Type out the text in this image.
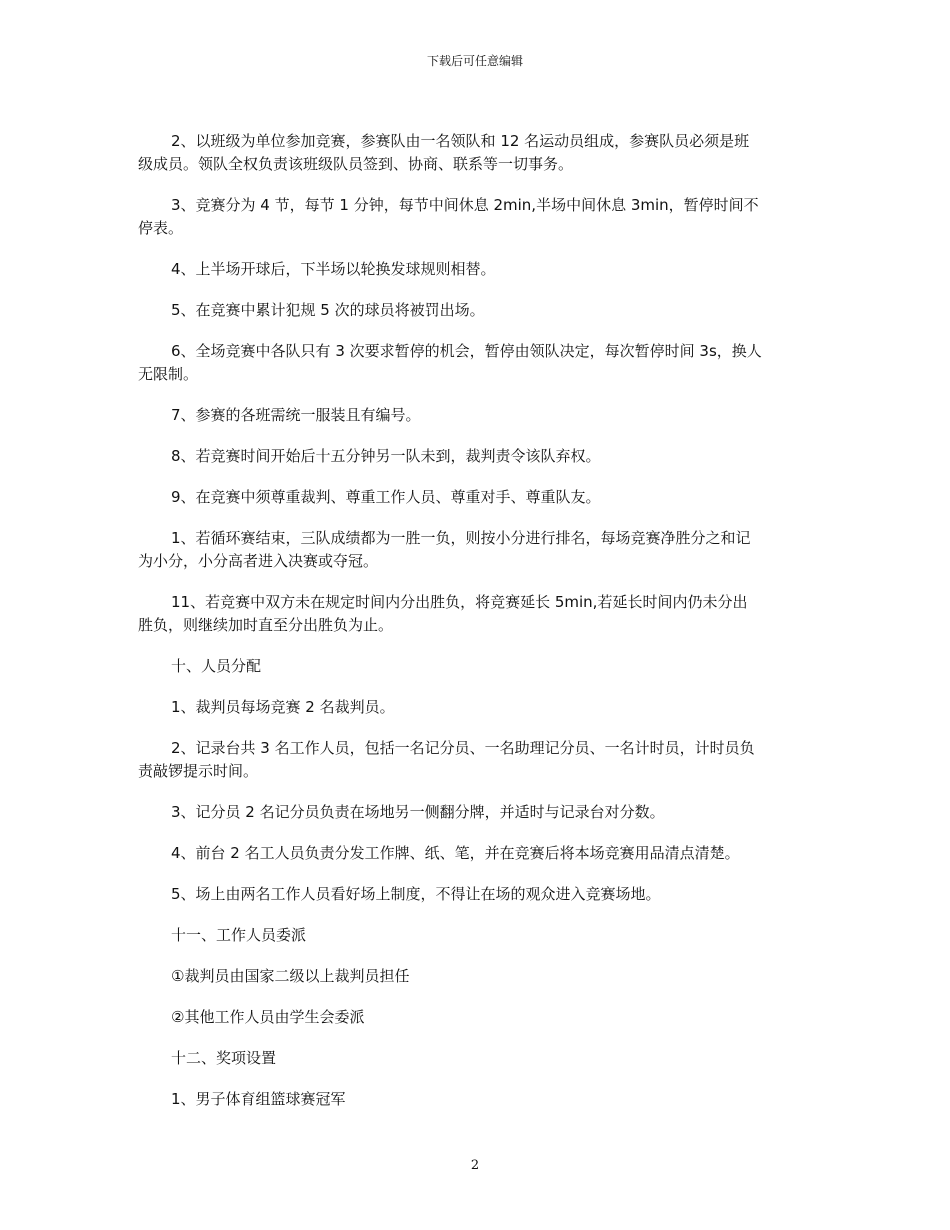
下载后可任意编辑
2、以班级为单位参加竞赛，参赛队由一名领队和 12 名运动员组成，参赛队员必须是班
级成员。领队全权负责该班级队员签到、协商、联系等一切事务。
3、竞赛分为 4 节，每节 1 分钟，每节中间休息 2min,半场中间休息 3min，暂停时间不
停表。
4、上半场开球后，下半场以轮换发球规则相替。
5、在竞赛中累计犯规 5 次的球员将被罚出场。
6、全场竞赛中各队只有 3 次要求暂停的机会，暂停由领队决定，每次暂停时间 3s，换人
无限制。
7、参赛的各班需统一服装且有编号。
8、若竞赛时间开始后十五分钟另一队未到，裁判责令该队弃权。
9、在竞赛中须尊重裁判、尊重工作人员、尊重对手、尊重队友。
1、若循环赛结束，三队成绩都为一胜一负，则按小分进行排名，每场竞赛净胜分之和记
为小分，小分高者进入决赛或夺冠。
11、若竞赛中双方未在规定时间内分出胜负，将竞赛延长 5min,若延长时间内仍未分出
胜负，则继续加时直至分出胜负为止。
十、人员分配
1、裁判员每场竞赛 2 名裁判员。
2、记录台共 3 名工作人员，包括一名记分员、一名助理记分员、一名计时员，计时员负
责敲锣提示时间。
3、记分员 2 名记分员负责在场地另一侧翻分牌，并适时与记录台对分数。
4、前台 2 名工人员负责分发工作牌、纸、笔，并在竞赛后将本场竞赛用品清点清楚。
5、场上由两名工作人员看好场上制度，不得让在场的观众进入竞赛场地。
十一、工作人员委派
①裁判员由国家二级以上裁判员担任
②其他工作人员由学生会委派
十二、奖项设置
1、男子体育组篮球赛冠军
2
